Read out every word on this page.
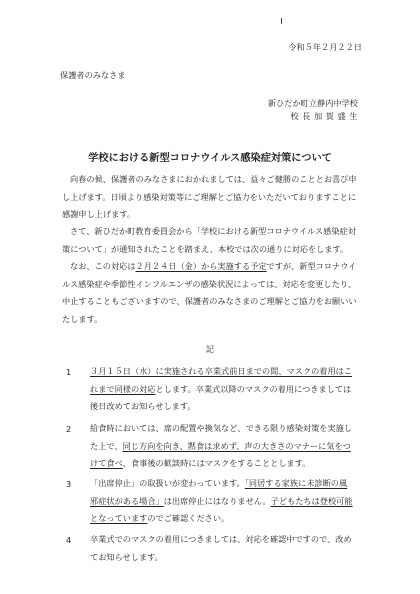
令和５年２月２２日
保護者のみなさま
新ひだか町立静内中学校
校 長 加 賀 盛 生
学校における新型コロナウイルス感染症対策について
向春の候、保護者のみなさまにおかれましては、益々ご健勝のこととお喜び申
し上げます。日頃より感染対策等にご理解とご協力をいただいておりますことに
感謝申し上げます。
さて、新ひだか町教育委員会から「学校における新型コロナウイルス感染症対
策について」が通知されたことを踏まえ、本校では次の通りに対応をします。
なお、この対応は２月２４日（金）から実施する予定ですが、新型コロナウイ
ルス感染症や季節性インフルエンザの感染状況によっては、対応を変更したり、
中止することもございますので、保護者のみなさまのご理解とご協力をお願いい
たします。
記
1 ３月１５日（水）に実施される卒業式前日までの間、マスクの着用はこ
れまで同様の対応とします。卒業式以降のマスクの着用につきましては
後日改めてお知らせします。
2 給食時においては、席の配置や換気など、できる限り感染対策を実施し
た上で、同じ方向を向き、黙食は求めず、声の大きさのマナーに気をつ
けて食べ、食事後の歓談時にはマスクをすることとします。
3 「出席停止」の取扱いが変わっています。「同居する家族に未診断の風
邪症状がある場合」は出席停止にはなりません。子どもたちは登校可能
となっていますのでご確認ください。
4 卒業式でのマスクの着用につきましては、対応を確認中ですので、改め
てお知らせします。
